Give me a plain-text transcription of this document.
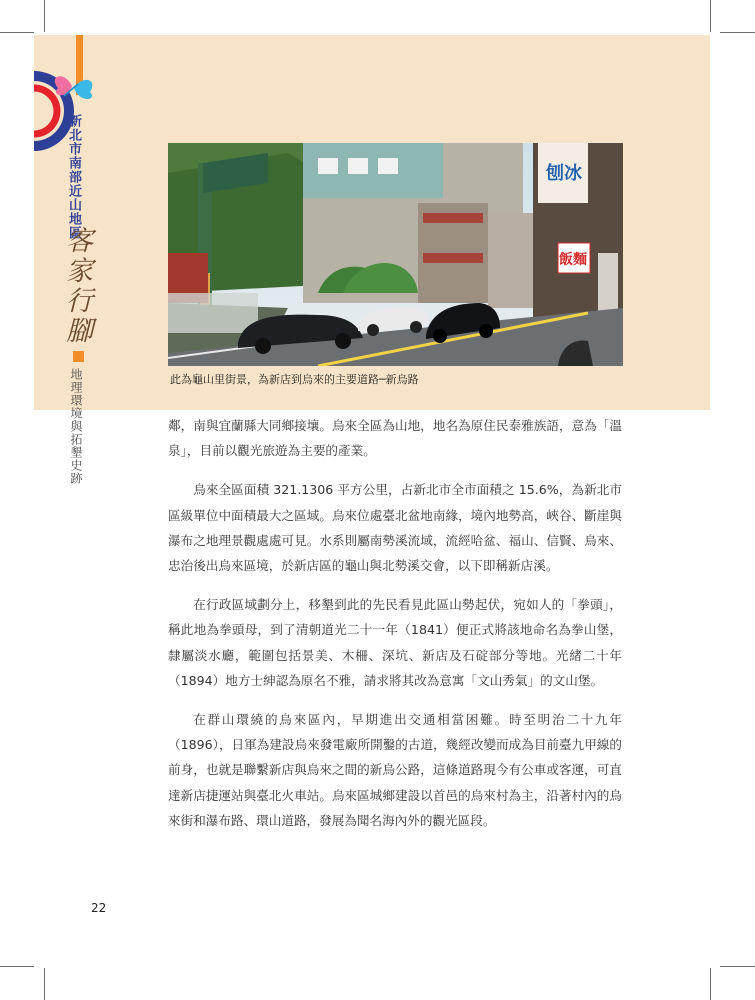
新北市南部近山地區
客家行腳
地理環境與拓墾史跡
刨冰
飯麵
此為龜山里街景，為新店到烏來的主要道路─新烏路

鄰，南與宜蘭縣大同鄉接壤。烏來全區為山地，地名為原住民泰雅族語，意為「溫泉」，目前以觀光旅遊為主要的產業。

烏來全區面積 321.1306 平方公里，占新北市全市面積之 15.6%，為新北市區級單位中面積最大之區域。烏來位處臺北盆地南緣，境內地勢高，峽谷、斷崖與瀑布之地理景觀處處可見。水系則屬南勢溪流域，流經哈盆、福山、信賢、烏來、忠治後出烏來區境，於新店區的龜山與北勢溪交會，以下即稱新店溪。

在行政區域劃分上，移墾到此的先民看見此區山勢起伏，宛如人的「拳頭」，稱此地為拳頭母，到了清朝道光二十一年（1841）便正式將該地命名為拳山堡，隸屬淡水廳，範圍包括景美、木柵、深坑、新店及石碇部分等地。光緒二十年（1894）地方士紳認為原名不雅，請求將其改為意寓「文山秀氣」的文山堡。

在群山環繞的烏來區內，早期進出交通相當困難。時至明治二十九年（1896），日軍為建設烏來發電廠所開鑿的古道，幾經改變而成為目前臺九甲線的前身，也就是聯繫新店與烏來之間的新烏公路，這條道路現今有公車或客運，可直達新店捷運站與臺北火車站。烏來區城鄉建設以首邑的烏來村為主，沿著村內的烏來街和瀑布路、環山道路，發展為聞名海內外的觀光區段。

22
